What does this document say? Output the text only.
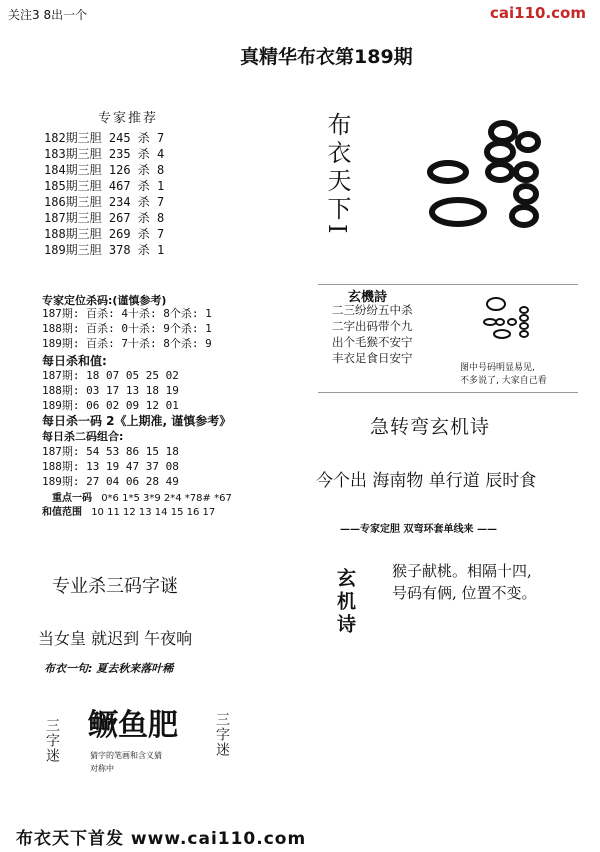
关注3 8出一个	cai110.com
真精华布衣第189期
专家推荐
182期三胆 245 杀 7
183期三胆 235 杀 4
184期三胆 126 杀 8
185期三胆 467 杀 1
186期三胆 234 杀 7
187期三胆 267 杀 8
188期三胆 269 杀 7
189期三胆 378 杀 1
专家定位杀码:(谨慎参考)
187期: 百杀: 4十杀: 8个杀: 1
188期: 百杀: 0十杀: 9个杀: 1
189期: 百杀: 7十杀: 8个杀: 9
每日杀和值:
187期: 18 07 05 25 02
188期: 03 17 13 18 19
189期: 06 02 09 12 01
每日杀一码 2《上期准, 谨慎参考》
每日杀二码组合:
187期: 54 53 86 15 18
188期: 13 19 47 37 08
189期: 27 04 06 28 49
重点一码 0*6 1*5 3*9 2*4 *78# *67
和值范围 10 11 12 13 14 15 16 17
布衣天下I
玄機詩
二三纷纷五中杀
二字出码带个九
出个毛猴不安宁
丰衣足食日安宁
图中号码明显易见,
不多说了, 大家自己看
急转弯玄机诗
今个出 海南物 单行道 辰时食
——专家定胆 双弯环套单线来 ——
玄机诗 猴子献桃。相隔十四,
号码有俩, 位置不变。
专业杀三码字谜
当女皇 就迟到 午夜响
布衣一句: 夏去秋来落叶稀
三字迷 鳜鱼肥	三字迷
猜字的笔画和含义猜
对称中
布衣天下首发 www.cai110.com
